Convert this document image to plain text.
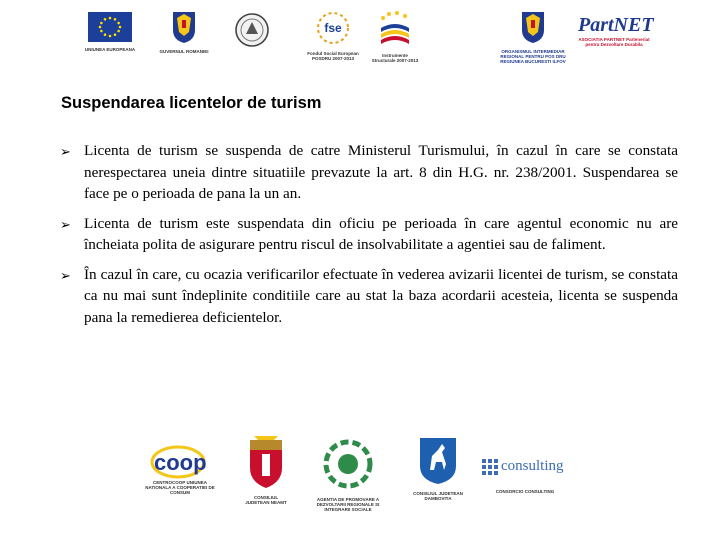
UNIUNEA EUROPEANA	GUVERNUL ROMANIEI
fse
Fondul Social European POSDRU 2007-2013
Instrumente Structurale 2007-2013
ORGANISMUL INTERMEDIAR REGIONAL PENTRU POS DRU REGIUNEA BUCURESTI ILFOV
PartNET
ASOCIATIA PARTNET Parteneriat pentru Dezvoltare Durabila
Suspendarea licentelor de turism
➢ Licenta de turism se suspenda de catre Ministerul Turismului, în cazul în care se constata nerespectarea uneia dintre situatiile prevazute la art. 8 din H.G. nr. 238/2001. Suspendarea se face pe o perioada de pana la un an.
➢ Licenta de turism este suspendata din oficiu pe perioada în care agentul economic nu are încheiata polita de asigurare pentru riscul de insolvabilitate a agentiei sau de faliment.
➢ În cazul în care, cu ocazia verificarilor efectuate în vederea avizarii licentei de turism, se constata ca nu mai sunt îndeplinite conditiile care au stat la baza acordarii acesteia, licenta se suspenda pana la remedierea deficientelor.
coop
CENTROCOOP UNIUNEA NATIONALA A COOPERATIEI DE CONSUM
CONSILIUL JUDETEAN NEAMT
AGENTIA DE PROMOVARE A DEZVOLTARII REGIONALE SI INTEGRARII SOCIALE
CONSILIUL JUDETEAN DAMBOVITA
consulting
CONSORCIO CONSULTING
